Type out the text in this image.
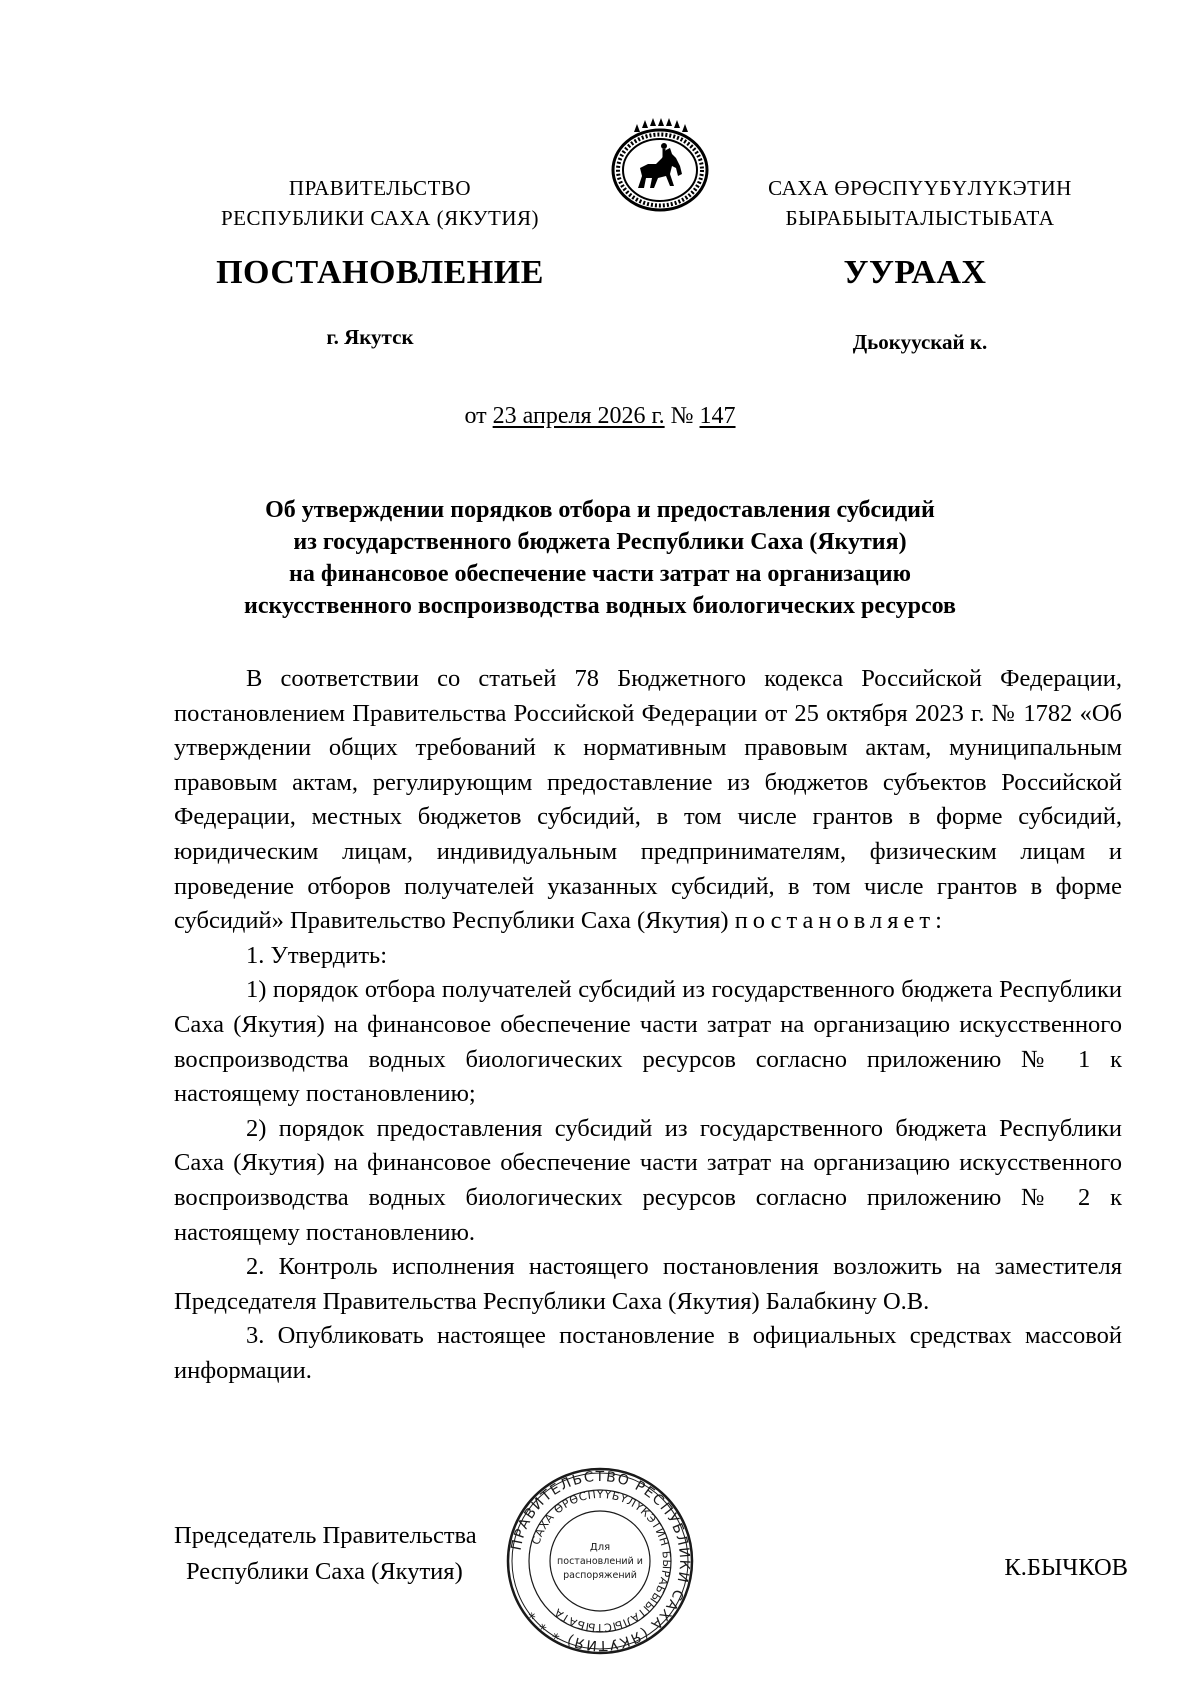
ПРАВИТЕЛЬСТВО
РЕСПУБЛИКИ САХА (ЯКУТИЯ)
САХА ӨРӨСПҮҮБҮЛҮКЭТИН
БЫРАБЫЫТАЛЫСТЫБАТА
ПОСТАНОВЛЕНИЕ	УУРААХ
г. Якутск	Дьокуускай к.
от 23 апреля 2026 г. № 147
Об утверждении порядков отбора и предоставления субсидий
из государственного бюджета Республики Саха (Якутия)
на финансовое обеспечение части затрат на организацию
искусственного воспроизводства водных биологических ресурсов

В соответствии со статьей 78 Бюджетного кодекса Российской Федерации, постановлением Правительства Российской Федерации от 25 октября 2023 г. № 1782 «Об утверждении общих требований к нормативным правовым актам, муниципальным правовым актам, регулирующим предоставление из бюджетов субъектов Российской Федерации, местных бюджетов субсидий, в том числе грантов в форме субсидий, юридическим лицам, индивидуальным предпринимателям, физическим лицам и проведение отборов получателей указанных субсидий, в том числе грантов в форме субсидий» Правительство Республики Саха (Якутия) постановляет:

1. Утвердить:

1) порядок отбора получателей субсидий из государственного бюджета Республики Саха (Якутия) на финансовое обеспечение части затрат на организацию искусственного воспроизводства водных биологических ресурсов согласно приложению № 1 к настоящему постановлению;

2) порядок предоставления субсидий из государственного бюджета Республики Саха (Якутия) на финансовое обеспечение части затрат на организацию искусственного воспроизводства водных биологических ресурсов согласно приложению № 2 к настоящему постановлению.

2. Контроль исполнения настоящего постановления возложить на заместителя Председателя Правительства Республики Саха (Якутия) Балабкину О.В.

3. Опубликовать настоящее постановление в официальных средствах массовой информации.

Председатель Правительства
Республики Саха (Якутия)	К.БЫЧКОВ
ПРАВИТЕЛЬСТВО РЕСПУБЛИКИ САХА (ЯКУТИЯ) * * *
САХА ӨРӨСПҮҮБҮЛҮКЭТИН БЫРАБЫЫТАЛЫСТЫБАТА
Для
постановлений и
распоряжений
